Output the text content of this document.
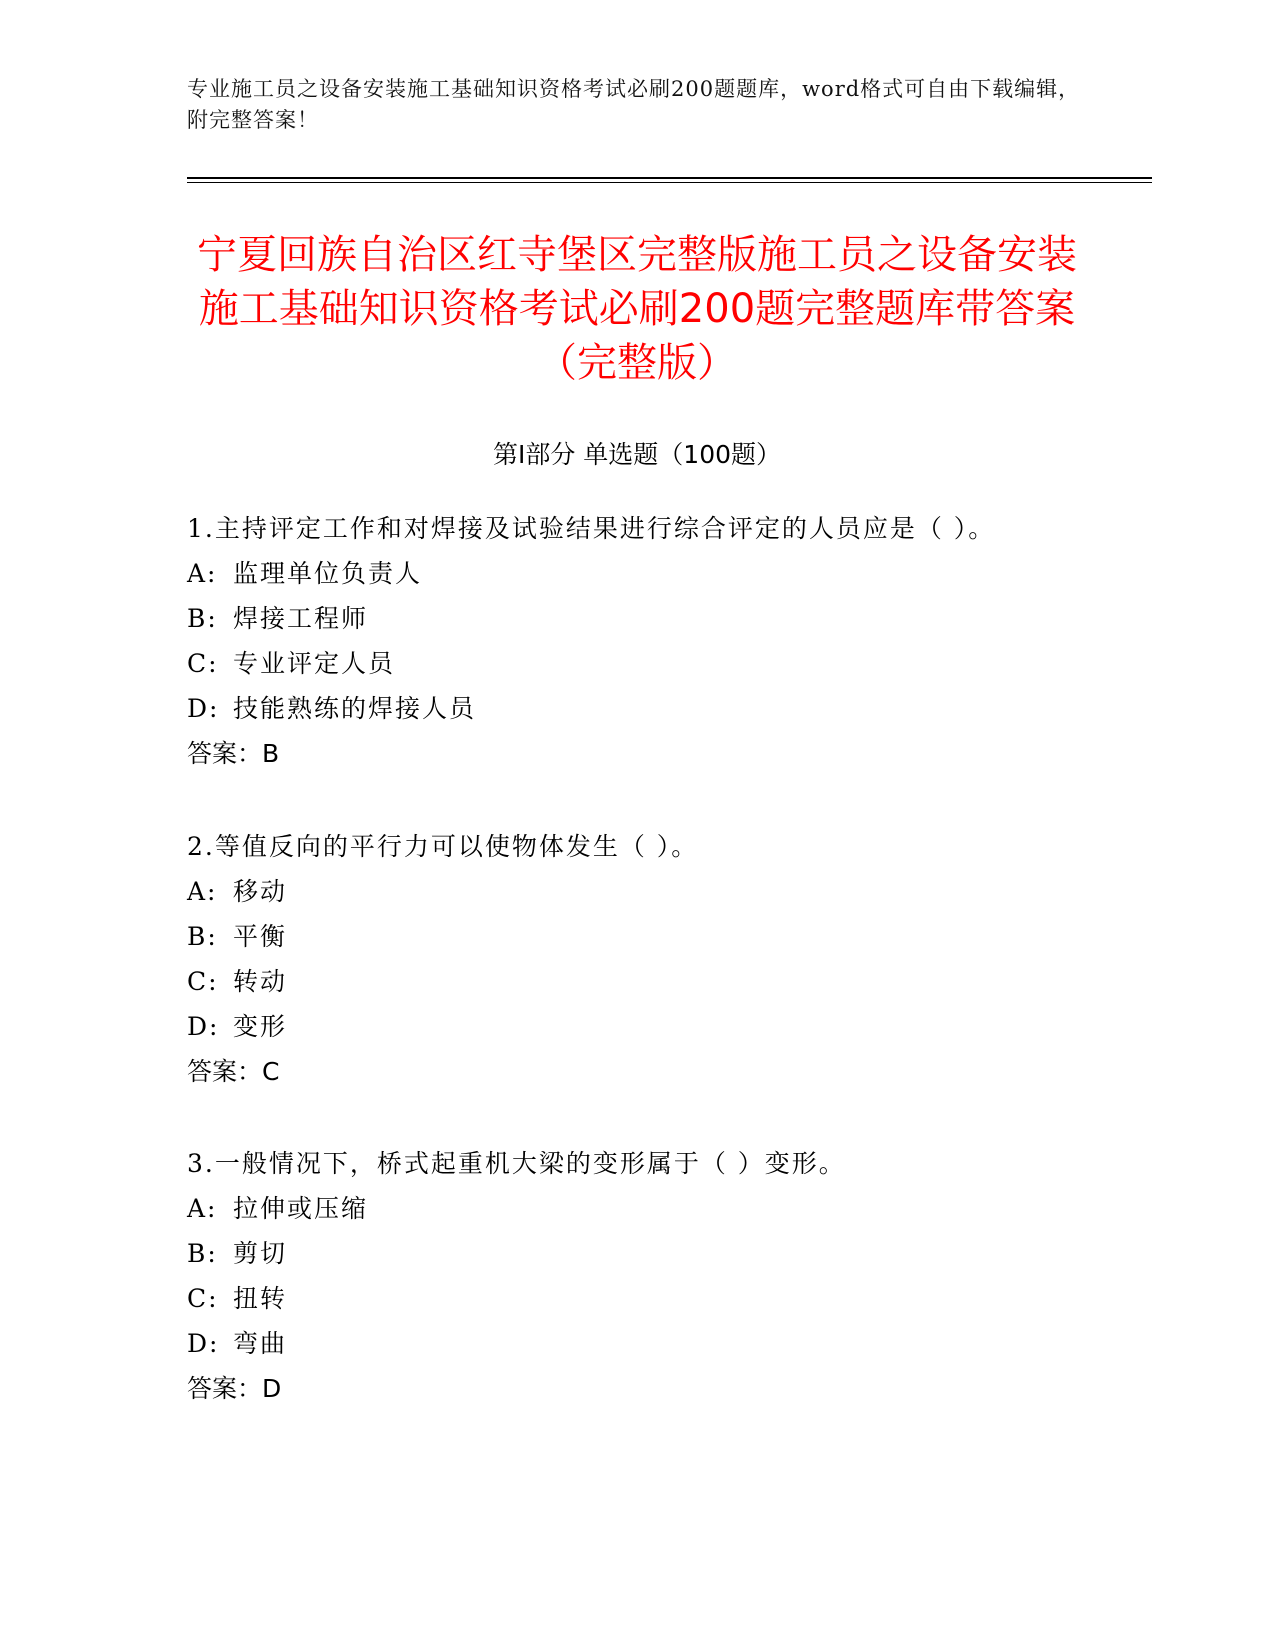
专业施工员之设备安装施工基础知识资格考试必刷200题题库，word格式可自由下载编辑，附完整答案！
宁夏回族自治区红寺堡区完整版施工员之设备安装施工基础知识资格考试必刷200题完整题库带答案（完整版）
第Ⅰ部分 单选题（100题）
1.主持评定工作和对焊接及试验结果进行综合评定的人员应是（ ）。
A: 监理单位负责人
B: 焊接工程师
C: 专业评定人员
D: 技能熟练的焊接人员
答案：B
2.等值反向的平行力可以使物体发生（ ）。
A: 移动
B: 平衡
C: 转动
D: 变形
答案：C
3.一般情况下，桥式起重机大梁的变形属于（ ）变形。
A: 拉伸或压缩
B: 剪切
C: 扭转
D: 弯曲
答案：D
